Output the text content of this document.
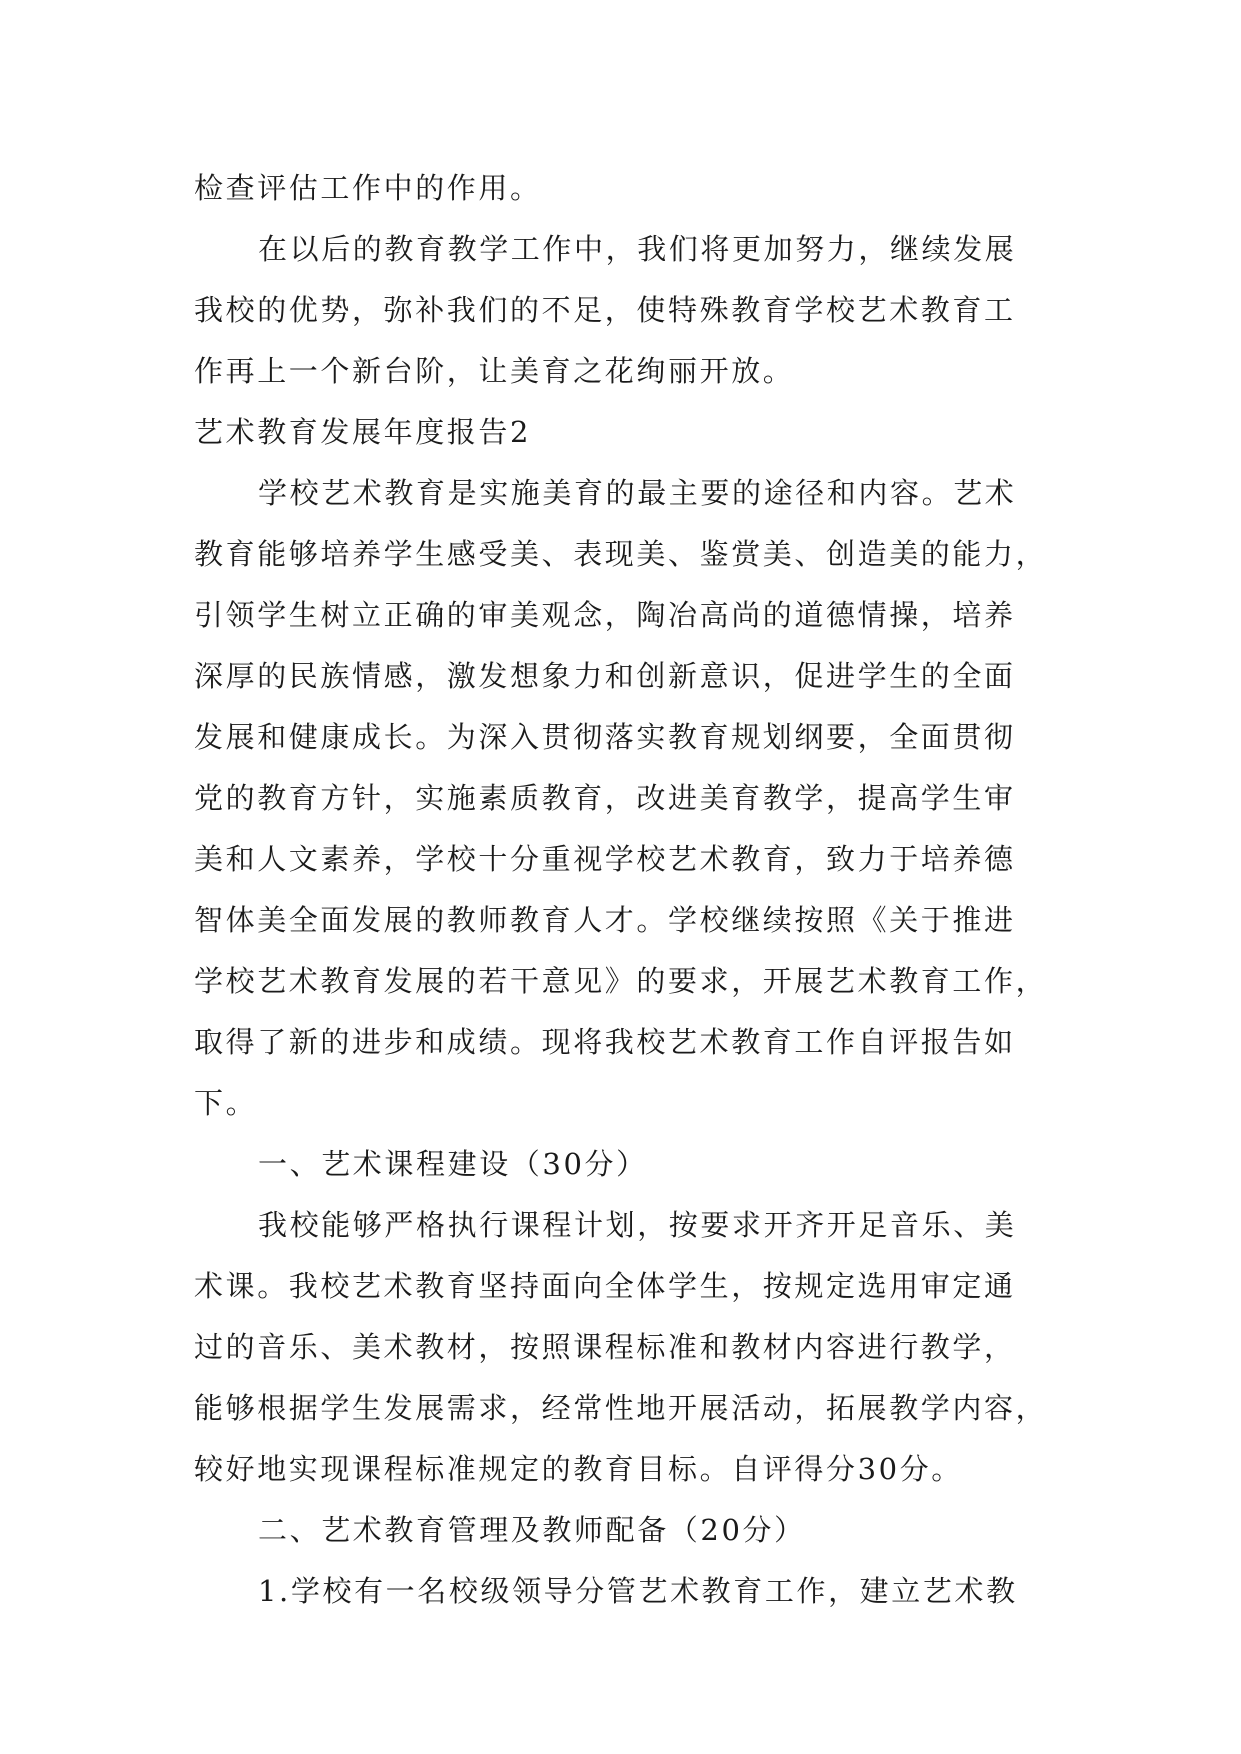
检查评估工作中的作用。
在以后的教育教学工作中，我们将更加努力，继续发展
我校的优势，弥补我们的不足，使特殊教育学校艺术教育工
作再上一个新台阶，让美育之花绚丽开放。
艺术教育发展年度报告2
学校艺术教育是实施美育的最主要的途径和内容。艺术
教育能够培养学生感受美、表现美、鉴赏美、创造美的能力，
引领学生树立正确的审美观念，陶冶高尚的道德情操，培养
深厚的民族情感，激发想象力和创新意识，促进学生的全面
发展和健康成长。为深入贯彻落实教育规划纲要，全面贯彻
党的教育方针，实施素质教育，改进美育教学，提高学生审
美和人文素养，学校十分重视学校艺术教育，致力于培养德
智体美全面发展的教师教育人才。学校继续按照《关于推进
学校艺术教育发展的若干意见》的要求，开展艺术教育工作，
取得了新的进步和成绩。现将我校艺术教育工作自评报告如
下。
一、艺术课程建设（30分）
我校能够严格执行课程计划，按要求开齐开足音乐、美
术课。我校艺术教育坚持面向全体学生，按规定选用审定通
过的音乐、美术教材，按照课程标准和教材内容进行教学，
能够根据学生发展需求，经常性地开展活动，拓展教学内容，
较好地实现课程标准规定的教育目标。自评得分30分。
二、艺术教育管理及教师配备（20分）
1.学校有一名校级领导分管艺术教育工作，建立艺术教
